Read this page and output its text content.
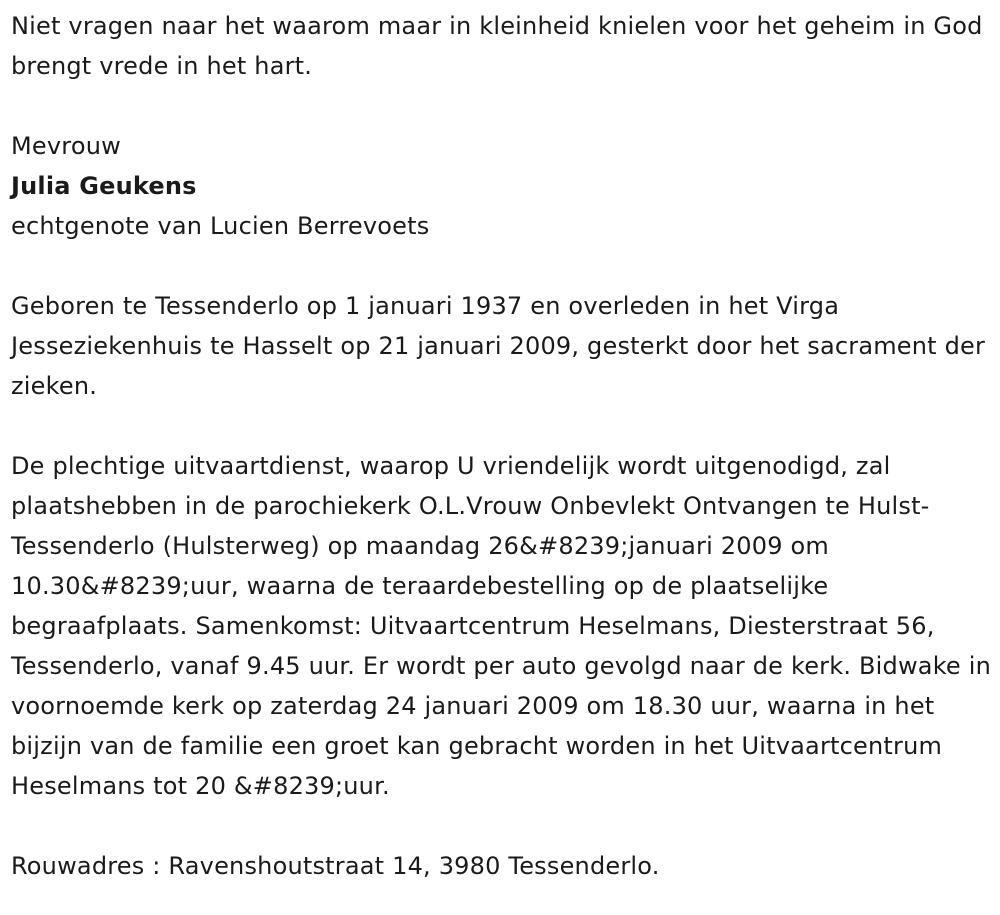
Niet vragen naar het waarom maar in kleinheid knielen voor het geheim in God brengt vrede in het hart.

Mevrouw

Julia Geukens

echtgenote van Lucien Berrevoets

Geboren te Tessenderlo op 1 januari 1937 en overleden in het Virga Jesseziekenhuis te Hasselt op 21 januari 2009, gesterkt door het sacrament der zieken.

De plechtige uitvaartdienst, waarop U vriendelijk wordt uitgenodigd, zal plaatshebben in de parochiekerk O.L.Vrouw Onbevlekt Ontvangen te Hulst-Tessenderlo (Hulsterweg) op maandag 26&#8239;januari 2009 om 10.30&#8239;uur, waarna de teraardebestelling op de plaatselijke begraafplaats. Samenkomst: Uitvaartcentrum Heselmans, Diesterstraat 56, Tessenderlo, vanaf 9.45 uur. Er wordt per auto gevolgd naar de kerk. Bidwake in voornoemde kerk op zaterdag 24 januari 2009 om 18.30 uur, waarna in het bijzijn van de familie een groet kan gebracht worden in het Uitvaartcentrum Heselmans tot 20 &#8239;uur.

Rouwadres : Ravenshoutstraat 14, 3980 Tessenderlo.
